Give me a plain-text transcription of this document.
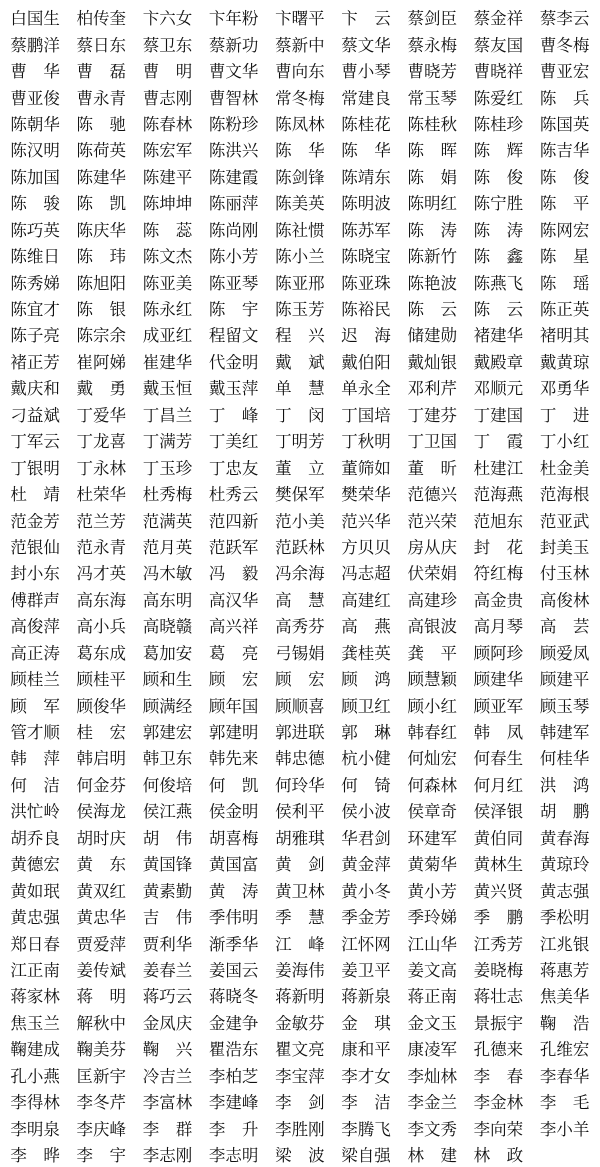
白国生	柏传奎	卞六女	卞年粉	卞曙平	卞　云	蔡剑臣	蔡金祥	蔡李云
蔡鹏洋	蔡日东	蔡卫东	蔡新功	蔡新中	蔡文华	蔡永梅	蔡友国	曹冬梅
曹　华	曹　磊	曹　明	曹文华	曹向东	曹小琴	曹晓芳	曹晓祥	曹亚宏
曹亚俊	曹永青	曹志刚	曹智林	常冬梅	常建良	常玉琴	陈爱红	陈　兵
陈朝华	陈　驰	陈春林	陈粉珍	陈凤林	陈桂花	陈桂秋	陈桂珍	陈国英
陈汉明	陈荷英	陈宏军	陈洪兴	陈　华	陈　华	陈　晖	陈　辉	陈吉华
陈加国	陈建华	陈建平	陈建霞	陈剑锋	陈靖东	陈　娟	陈　俊	陈　俊
陈　骏	陈　凯	陈坤坤	陈丽萍	陈美英	陈明波	陈明红	陈宁胜	陈　平
陈巧英	陈庆华	陈　蕊	陈尚刚	陈社惯	陈苏军	陈　涛	陈　涛	陈网宏
陈维日	陈　玮	陈文杰	陈小芳	陈小兰	陈晓宝	陈新竹	陈　鑫	陈　星
陈秀娣	陈旭阳	陈亚美	陈亚琴	陈亚邢	陈亚珠	陈艳波	陈燕飞	陈　瑶
陈宜才	陈　银	陈永红	陈　宇	陈玉芳	陈裕民	陈　云	陈　云	陈正英
陈子亮	陈宗余	成亚红	程留文	程　兴	迟　海	储建勋	褚建华	褚明其
褚正芳	崔阿娣	崔建华	代金明	戴　斌	戴伯阳	戴灿银	戴殿章	戴黄琼
戴庆和	戴　勇	戴玉恒	戴玉萍	单　慧	单永全	邓利芹	邓顺元	邓勇华
刁益斌	丁爱华	丁昌兰	丁　峰	丁　闵	丁国培	丁建芬	丁建国	丁　进
丁军云	丁龙喜	丁满芳	丁美红	丁明芳	丁秋明	丁卫国	丁　霞	丁小红
丁银明	丁永林	丁玉珍	丁忠友	董　立	董筛如	董　昕	杜建江	杜金美
杜　靖	杜荣华	杜秀梅	杜秀云	樊保军	樊荣华	范德兴	范海燕	范海根
范金芳	范兰芳	范满英	范四新	范小美	范兴华	范兴荣	范旭东	范亚武
范银仙	范永青	范月英	范跃军	范跃林	方贝贝	房从庆	封　花	封美玉
封小东	冯才英	冯木敏	冯　毅	冯余海	冯志超	伏荣娟	符红梅	付玉林
傅群声	高东海	高东明	高汉华	高　慧	高建红	高建珍	高金贵	高俊林
高俊萍	高小兵	高晓赣	高兴祥	高秀芬	高　燕	高银波	高月琴	高　芸
高正涛	葛东成	葛加安	葛　亮	弓锡娟	龚桂英	龚　平	顾阿珍	顾爱凤
顾桂兰	顾桂平	顾和生	顾　宏	顾　宏	顾　鸿	顾慧颖	顾建华	顾建平
顾　军	顾俊华	顾满经	顾年国	顾顺喜	顾卫红	顾小红	顾亚军	顾玉琴
管才顺	桂　宏	郭建宏	郭建明	郭进联	郭　琳	韩春红	韩　凤	韩建军
韩　萍	韩启明	韩卫东	韩先来	韩忠德	杭小健	何灿宏	何春生	何桂华
何　洁	何金芬	何俊培	何　凯	何玲华	何　锜	何森林	何月红	洪　鸿
洪忙岭	侯海龙	侯江燕	侯金明	侯利平	侯小波	侯章奇	侯泽银	胡　鹏
胡乔良	胡时庆	胡　伟	胡喜梅	胡雅琪	华君剑	环建军	黄伯同	黄春海
黄德宏	黄　东	黄国锋	黄国富	黄　剑	黄金萍	黄菊华	黄林生	黄琼玲
黄如珉	黄双红	黄素勤	黄　涛	黄卫林	黄小冬	黄小芳	黄兴贤	黄志强
黄忠强	黄忠华	吉　伟	季伟明	季　慧	季金芳	季玲娣	季　鹏	季松明
郑日春	贾爱萍	贾利华	渐季华	江　峰	江怀网	江山华	江秀芳	江兆银
江正南	姜传斌	姜春兰	姜国云	姜海伟	姜卫平	姜文高	姜晓梅	蒋惠芳
蒋家林	蒋　明	蒋巧云	蒋晓冬	蒋新明	蒋新泉	蒋正南	蒋壮志	焦美华
焦玉兰	解秋中	金凤庆	金建争	金敏芬	金　琪	金文玉	景振宇	鞠　浩
鞠建成	鞠美芬	鞠　兴	瞿浩东	瞿文亮	康和平	康凌军	孔德来	孔维宏
孔小燕	匡新宇	冷吉兰	李柏芝	李宝萍	李才女	李灿林	李　春	李春华
李得林	李冬芹	李富林	李建峰	李　剑	李　洁	李金兰	李金林	李　毛
李明泉	李庆峰	李　群	李　升	李胜刚	李腾飞	李文秀	李向荣	李小羊
李　晔	李　宇	李志刚	李志明	梁　波	梁自强	林　建	林　政
